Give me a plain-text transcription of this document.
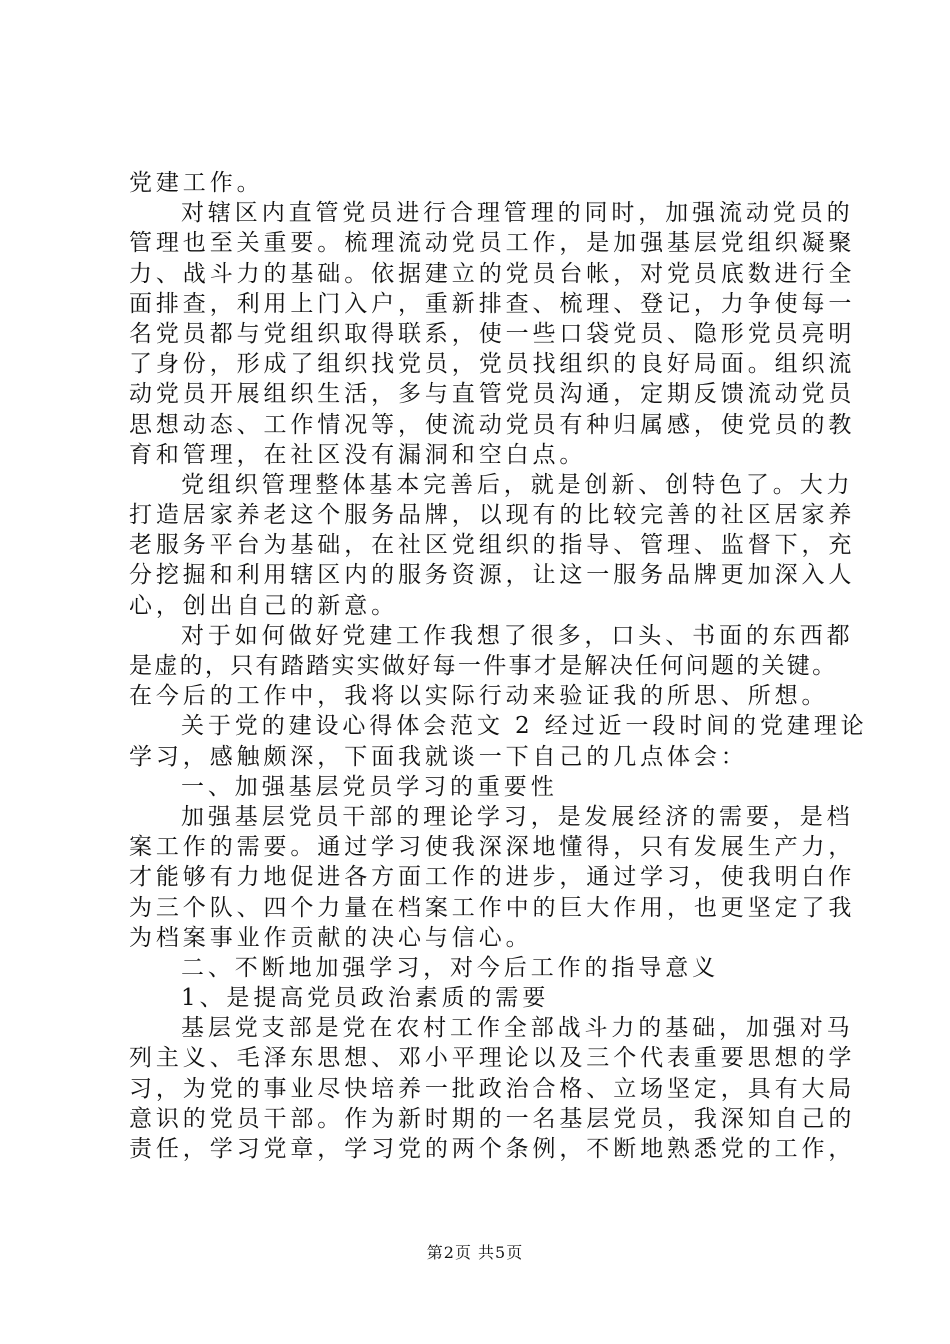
党建工作。
对辖区内直管党员进行合理管理的同时，加强流动党员的
管理也至关重要。梳理流动党员工作，是加强基层党组织凝聚
力、战斗力的基础。依据建立的党员台帐，对党员底数进行全
面排查，利用上门入户，重新排查、梳理、登记，力争使每一
名党员都与党组织取得联系，使一些口袋党员、隐形党员亮明
了身份，形成了组织找党员，党员找组织的良好局面。组织流
动党员开展组织生活，多与直管党员沟通，定期反馈流动党员
思想动态、工作情况等，使流动党员有种归属感，使党员的教
育和管理，在社区没有漏洞和空白点。
党组织管理整体基本完善后，就是创新、创特色了。大力
打造居家养老这个服务品牌，以现有的比较完善的社区居家养
老服务平台为基础，在社区党组织的指导、管理、监督下，充
分挖掘和利用辖区内的服务资源，让这一服务品牌更加深入人
心，创出自己的新意。
对于如何做好党建工作我想了很多，口头、书面的东西都
是虚的，只有踏踏实实做好每一件事才是解决任何问题的关键。
在今后的工作中，我将以实际行动来验证我的所思、所想。
关于党的建设心得体会范文 2 经过近一段时间的党建理论
学习，感触颇深，下面我就谈一下自己的几点体会：
一、加强基层党员学习的重要性
加强基层党员干部的理论学习，是发展经济的需要，是档
案工作的需要。通过学习使我深深地懂得，只有发展生产力，
才能够有力地促进各方面工作的进步，通过学习，使我明白作
为三个队、四个力量在档案工作中的巨大作用，也更坚定了我
为档案事业作贡献的决心与信心。
二、不断地加强学习，对今后工作的指导意义
1、是提高党员政治素质的需要
基层党支部是党在农村工作全部战斗力的基础，加强对马
列主义、毛泽东思想、邓小平理论以及三个代表重要思想的学
习，为党的事业尽快培养一批政治合格、立场坚定，具有大局
意识的党员干部。作为新时期的一名基层党员，我深知自己的
责任，学习党章，学习党的两个条例，不断地熟悉党的工作，
第2页 共5页
